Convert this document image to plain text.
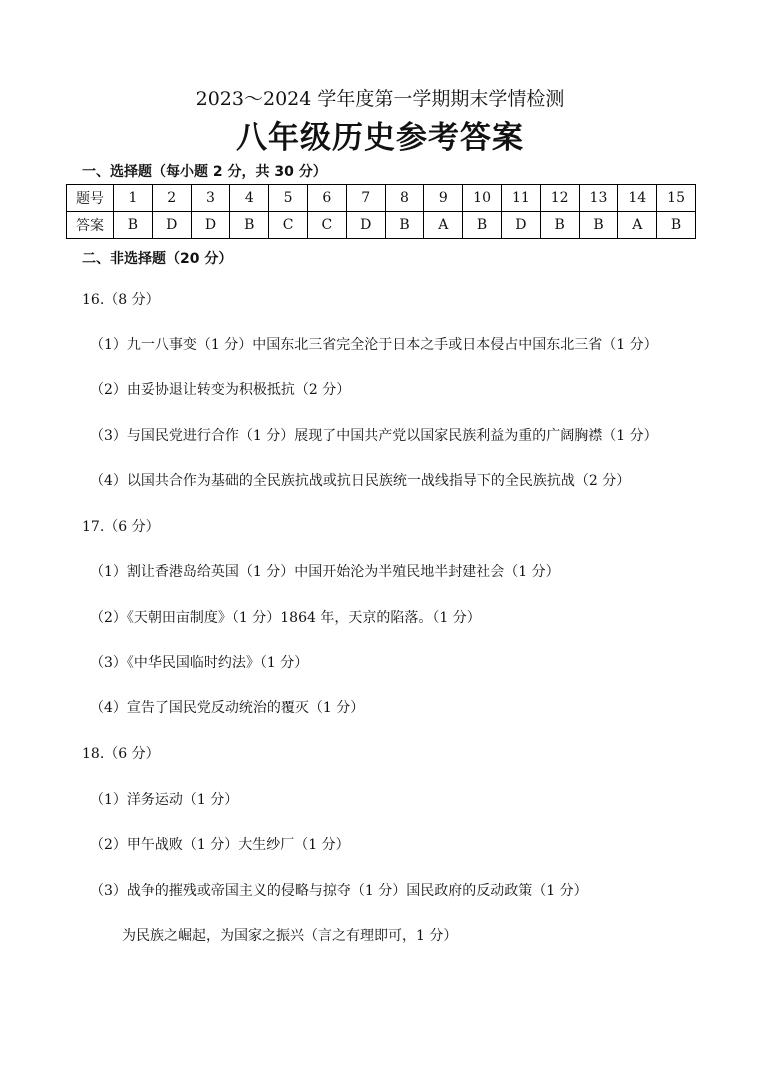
2023～2024 学年度第一学期期末学情检测
八年级历史参考答案
一、选择题（每小题 2 分，共 30 分）
题号	1	2	3	4	5	6	7	8	9	10	11	12	13	14	15
答案	B	D	D	B	C	C	D	B	A	B	D	B	B	A	B
二、非选择题（20 分）
16.（8 分）
（1）九一八事变（1 分）中国东北三省完全沦于日本之手或日本侵占中国东北三省（1 分）
（2）由妥协退让转变为积极抵抗（2 分）
（3）与国民党进行合作（1 分）展现了中国共产党以国家民族利益为重的广阔胸襟（1 分）
（4）以国共合作为基础的全民族抗战或抗日民族统一战线指导下的全民族抗战（2 分）
17.（6 分）
（1）割让香港岛给英国（1 分）中国开始沦为半殖民地半封建社会（1 分）
（2）《天朝田亩制度》（1 分）1864 年，天京的陷落。（1 分）
（3）《中华民国临时约法》（1 分）
（4）宣告了国民党反动统治的覆灭（1 分）
18.（6 分）
（1）洋务运动（1 分）
（2）甲午战败（1 分）大生纱厂（1 分）
（3）战争的摧残或帝国主义的侵略与掠夺（1 分）国民政府的反动政策（1 分）
为民族之崛起，为国家之振兴（言之有理即可，1 分）
